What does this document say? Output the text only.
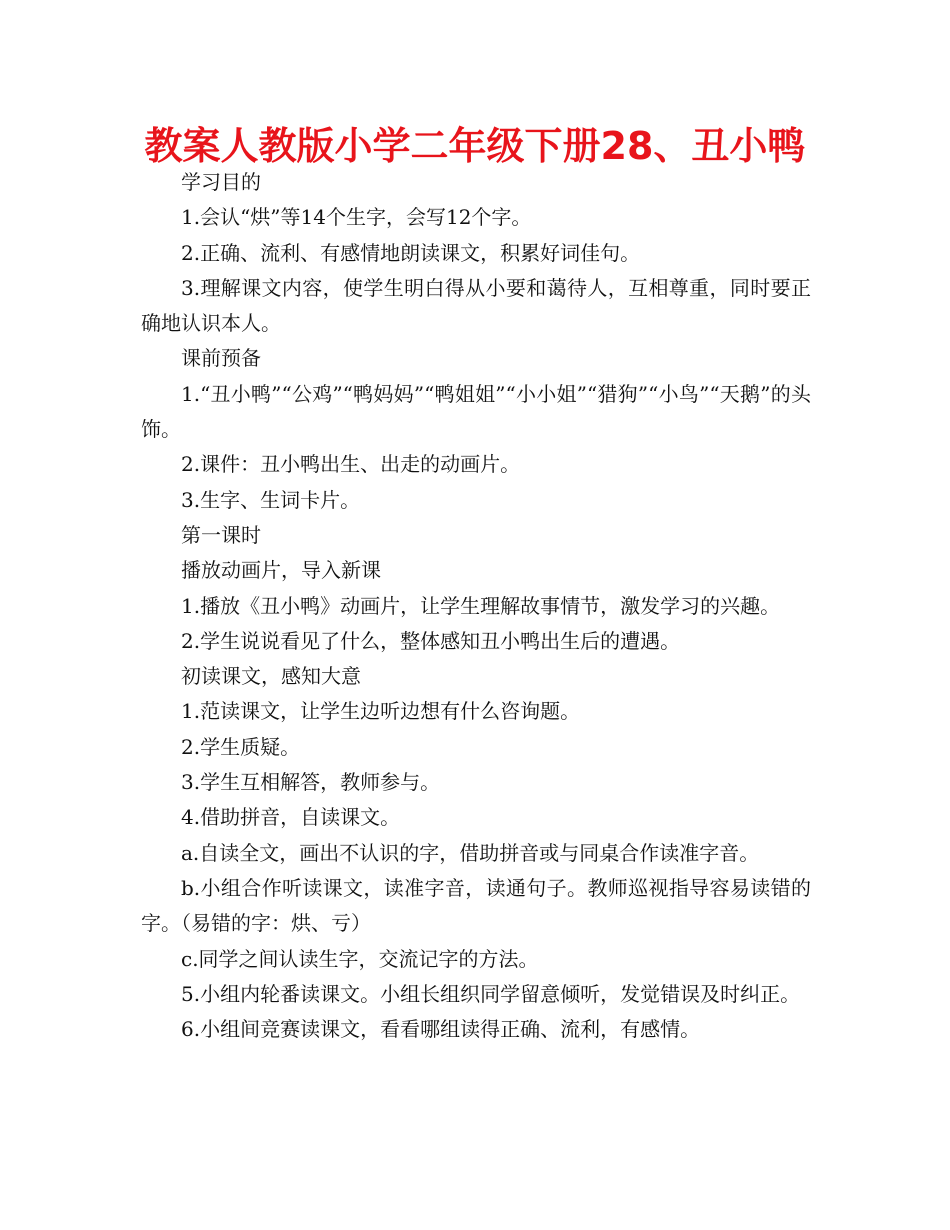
教案人教版小学二年级下册28、丑小鸭

学习目的

1.会认“烘”等14个生字，会写12个字。

2.正确、流利、有感情地朗读课文，积累好词佳句。

3.理解课文内容，使学生明白得从小要和蔼待人，互相尊重，同时要正确地认识本人。

课前预备

1.“丑小鸭”“公鸡”“鸭妈妈”“鸭姐姐”“小小姐”“猎狗”“小鸟”“天鹅”的头饰。

2.课件：丑小鸭出生、出走的动画片。

3.生字、生词卡片。

第一课时

播放动画片，导入新课

1.播放《丑小鸭》动画片，让学生理解故事情节，激发学习的兴趣。

2.学生说说看见了什么，整体感知丑小鸭出生后的遭遇。

初读课文，感知大意

1.范读课文，让学生边听边想有什么咨询题。

2.学生质疑。

3.学生互相解答，教师参与。

4.借助拼音，自读课文。

a.自读全文，画出不认识的字，借助拼音或与同桌合作读准字音。

b.小组合作听读课文，读准字音，读通句子。教师巡视指导容易读错的字。（易错的字：烘、亏）

c.同学之间认读生字，交流记字的方法。

5.小组内轮番读课文。小组长组织同学留意倾听，发觉错误及时纠正。

6.小组间竞赛读课文，看看哪组读得正确、流利，有感情。
